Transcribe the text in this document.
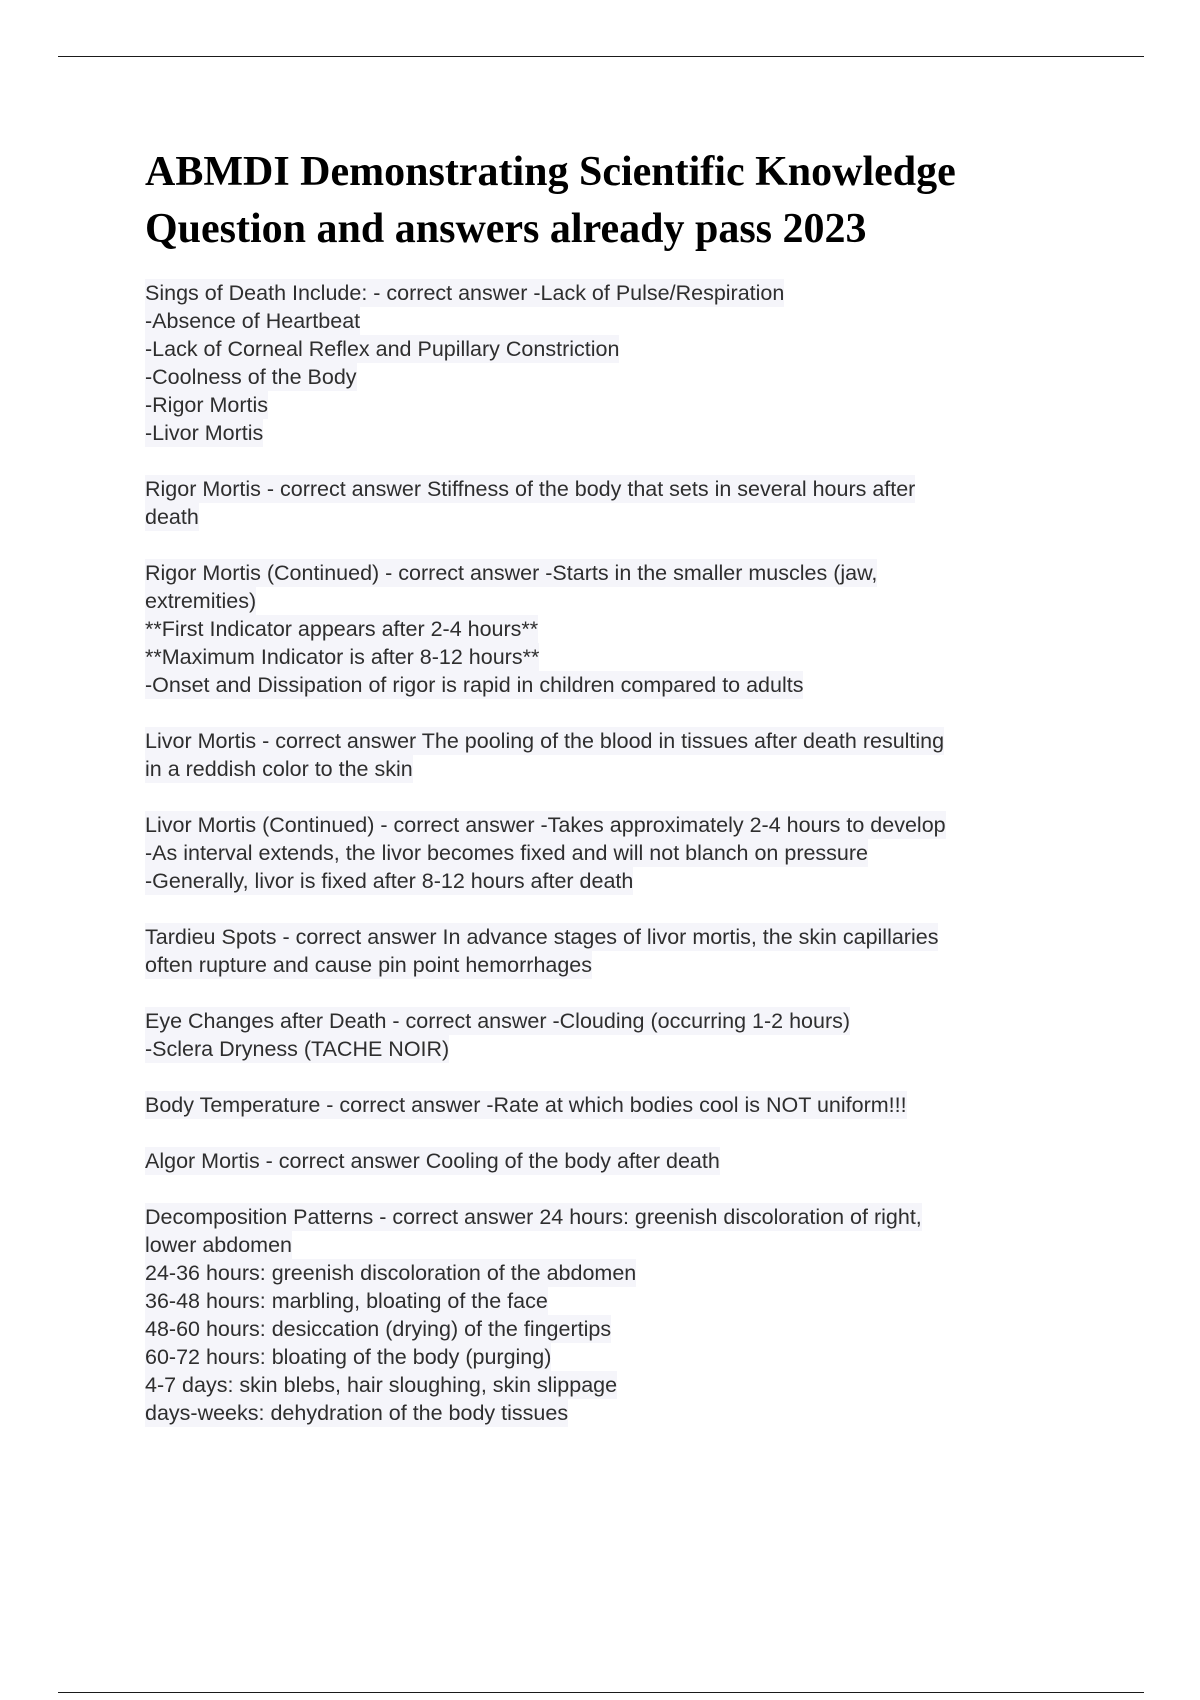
ABMDI Demonstrating Scientific Knowledge
Question and answers already pass 2023
Sings of Death Include: - correct answer -Lack of Pulse/Respiration
-Absence of Heartbeat
-Lack of Corneal Reflex and Pupillary Constriction
-Coolness of the Body
-Rigor Mortis
-Livor Mortis
Rigor Mortis - correct answer Stiffness of the body that sets in several hours after
death
Rigor Mortis (Continued) - correct answer -Starts in the smaller muscles (jaw,
extremities)
**First Indicator appears after 2-4 hours**
**Maximum Indicator is after 8-12 hours**
-Onset and Dissipation of rigor is rapid in children compared to adults
Livor Mortis - correct answer The pooling of the blood in tissues after death resulting
in a reddish color to the skin
Livor Mortis (Continued) - correct answer -Takes approximately 2-4 hours to develop
-As interval extends, the livor becomes fixed and will not blanch on pressure
-Generally, livor is fixed after 8-12 hours after death
Tardieu Spots - correct answer In advance stages of livor mortis, the skin capillaries
often rupture and cause pin point hemorrhages
Eye Changes after Death - correct answer -Clouding (occurring 1-2 hours)
-Sclera Dryness (TACHE NOIR)
Body Temperature - correct answer -Rate at which bodies cool is NOT uniform!!!
Algor Mortis - correct answer Cooling of the body after death
Decomposition Patterns - correct answer 24 hours: greenish discoloration of right,
lower abdomen
24-36 hours: greenish discoloration of the abdomen
36-48 hours: marbling, bloating of the face
48-60 hours: desiccation (drying) of the fingertips
60-72 hours: bloating of the body (purging)
4-7 days: skin blebs, hair sloughing, skin slippage
days-weeks: dehydration of the body tissues
